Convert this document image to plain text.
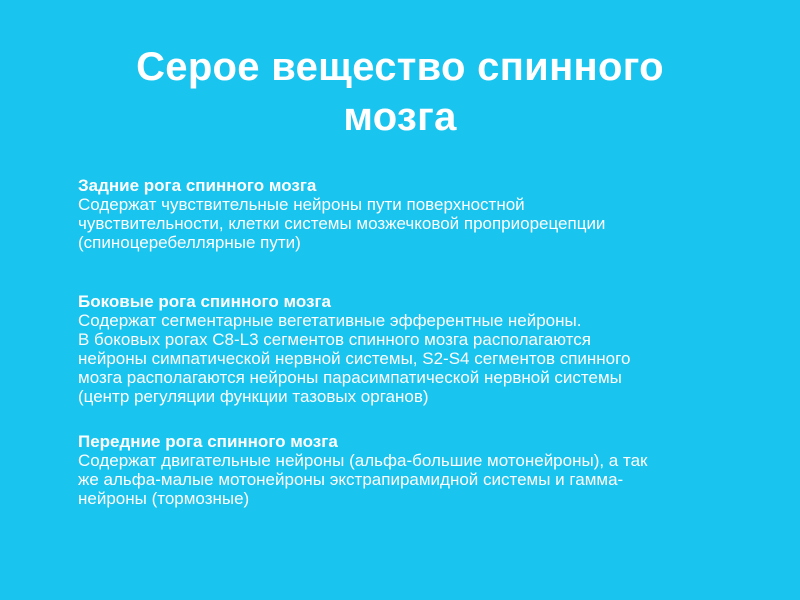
Серое вещество спинного
мозга
Задние рога спинного мозга
Содержат чувствительные нейроны пути поверхностной
чувствительности, клетки системы мозжечковой проприорецепции
(спиноцеребеллярные пути)
Боковые рога спинного мозга
Содержат сегментарные вегетативные эфферентные нейроны.
В боковых рогах C8-L3 сегментов спинного мозга располагаются
нейроны симпатической нервной системы, S2-S4 сегментов спинного
мозга располагаются нейроны парасимпатической нервной системы
(центр регуляции функции тазовых органов)
Передние рога спинного мозга
Содержат двигательные нейроны (альфа-большие мотонейроны), а так
же альфа-малые мотонейроны экстрапирамидной системы и гамма-
нейроны (тормозные)
